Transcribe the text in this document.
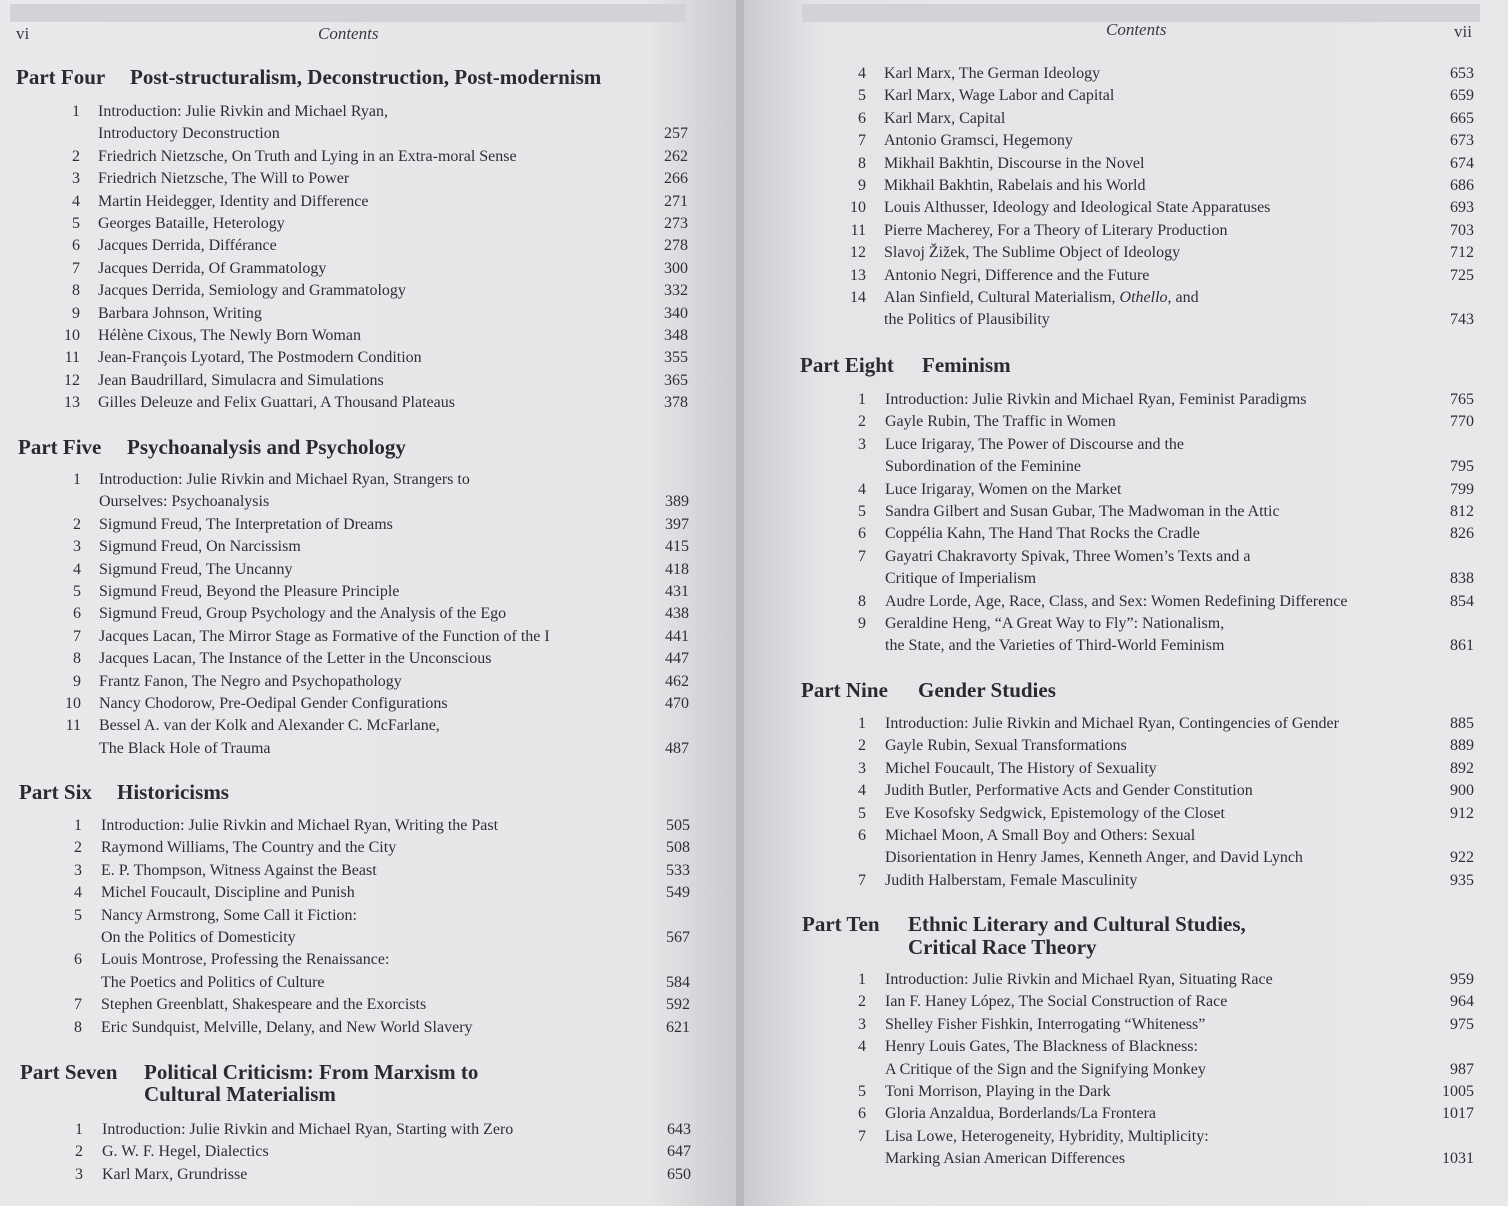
vi	Contents
Part Four Post-structuralism, Deconstruction, Post-modernism
1 Introduction: Julie Rivkin and Michael Ryan,
Introductory Deconstruction	257
2 Friedrich Nietzsche, On Truth and Lying in an Extra-moral Sense	262
3 Friedrich Nietzsche, The Will to Power	266
4 Martin Heidegger, Identity and Difference	271
5 Georges Bataille, Heterology	273
6 Jacques Derrida, Différance	278
7 Jacques Derrida, Of Grammatology	300
8 Jacques Derrida, Semiology and Grammatology	332
9 Barbara Johnson, Writing	340
10 Hélène Cixous, The Newly Born Woman	348
11 Jean-François Lyotard, The Postmodern Condition	355
12 Jean Baudrillard, Simulacra and Simulations	365
13 Gilles Deleuze and Felix Guattari, A Thousand Plateaus	378
Part Five Psychoanalysis and Psychology
1 Introduction: Julie Rivkin and Michael Ryan, Strangers to
Ourselves: Psychoanalysis	389
2 Sigmund Freud, The Interpretation of Dreams	397
3 Sigmund Freud, On Narcissism	415
4 Sigmund Freud, The Uncanny	418
5 Sigmund Freud, Beyond the Pleasure Principle	431
6 Sigmund Freud, Group Psychology and the Analysis of the Ego	438
7 Jacques Lacan, The Mirror Stage as Formative of the Function of the I	441
8 Jacques Lacan, The Instance of the Letter in the Unconscious	447
9 Frantz Fanon, The Negro and Psychopathology	462
10 Nancy Chodorow, Pre-Oedipal Gender Configurations	470
11 Bessel A. van der Kolk and Alexander C. McFarlane,
The Black Hole of Trauma	487
Part Six Historicisms
1 Introduction: Julie Rivkin and Michael Ryan, Writing the Past	505
2 Raymond Williams, The Country and the City	508
3 E. P. Thompson, Witness Against the Beast	533
4 Michel Foucault, Discipline and Punish	549
5 Nancy Armstrong, Some Call it Fiction:
On the Politics of Domesticity	567
6 Louis Montrose, Professing the Renaissance:
The Poetics and Politics of Culture	584
7 Stephen Greenblatt, Shakespeare and the Exorcists	592
8 Eric Sundquist, Melville, Delany, and New World Slavery	621
Part Seven Political Criticism: From Marxism to
Cultural Materialism
1 Introduction: Julie Rivkin and Michael Ryan, Starting with Zero	643
2 G. W. F. Hegel, Dialectics	647
3 Karl Marx, Grundrisse	650
Contents	vii
4 Karl Marx, The German Ideology	653
5 Karl Marx, Wage Labor and Capital	659
6 Karl Marx, Capital	665
7 Antonio Gramsci, Hegemony	673
8 Mikhail Bakhtin, Discourse in the Novel	674
9 Mikhail Bakhtin, Rabelais and his World	686
10 Louis Althusser, Ideology and Ideological State Apparatuses	693
11 Pierre Macherey, For a Theory of Literary Production	703
12 Slavoj Žižek, The Sublime Object of Ideology	712
13 Antonio Negri, Difference and the Future	725
14 Alan Sinfield, Cultural Materialism, Othello, and
the Politics of Plausibility	743
Part Eight Feminism
1 Introduction: Julie Rivkin and Michael Ryan, Feminist Paradigms	765
2 Gayle Rubin, The Traffic in Women	770
3 Luce Irigaray, The Power of Discourse and the
Subordination of the Feminine	795
4 Luce Irigaray, Women on the Market	799
5 Sandra Gilbert and Susan Gubar, The Madwoman in the Attic	812
6 Coppélia Kahn, The Hand That Rocks the Cradle	826
7 Gayatri Chakravorty Spivak, Three Women’s Texts and a
Critique of Imperialism	838
8 Audre Lorde, Age, Race, Class, and Sex: Women Redefining Difference	854
9 Geraldine Heng, “A Great Way to Fly”: Nationalism,
the State, and the Varieties of Third-World Feminism	861
Part Nine Gender Studies
1 Introduction: Julie Rivkin and Michael Ryan, Contingencies of Gender	885
2 Gayle Rubin, Sexual Transformations	889
3 Michel Foucault, The History of Sexuality	892
4 Judith Butler, Performative Acts and Gender Constitution	900
5 Eve Kosofsky Sedgwick, Epistemology of the Closet	912
6 Michael Moon, A Small Boy and Others: Sexual
Disorientation in Henry James, Kenneth Anger, and David Lynch	922
7 Judith Halberstam, Female Masculinity	935
Part Ten Ethnic Literary and Cultural Studies,
Critical Race Theory
1 Introduction: Julie Rivkin and Michael Ryan, Situating Race	959
2 Ian F. Haney López, The Social Construction of Race	964
3 Shelley Fisher Fishkin, Interrogating “Whiteness”	975
4 Henry Louis Gates, The Blackness of Blackness:
A Critique of the Sign and the Signifying Monkey	987
5 Toni Morrison, Playing in the Dark	1005
6 Gloria Anzaldua, Borderlands/La Frontera	1017
7 Lisa Lowe, Heterogeneity, Hybridity, Multiplicity:
Marking Asian American Differences	1031
